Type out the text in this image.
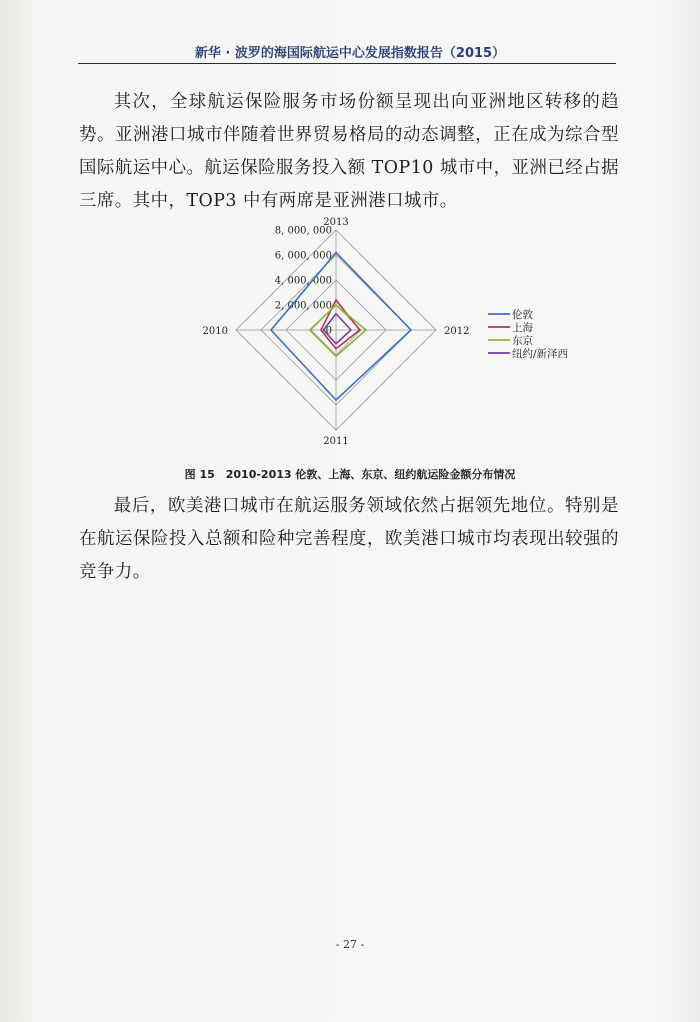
新华 · 波罗的海国际航运中心发展指数报告（2015）

其次，全球航运保险服务市场份额呈现出向亚洲地区转移的趋势。亚洲港口城市伴随着世界贸易格局的动态调整，正在成为综合型国际航运中心。航运保险服务投入额 TOP10 城市中，亚洲已经占据三席。其中，TOP3 中有两席是亚洲港口城市。

0
2, 000, 000
4, 000, 000
6, 000, 000
8, 000, 000
2013
2012
2011
2010
伦敦
上海
东京
纽约/新泽西
图 15　2010-2013 伦敦、上海、东京、纽约航运险金额分布情况

最后，欧美港口城市在航运服务领域依然占据领先地位。特别是在航运保险投入总额和险种完善程度，欧美港口城市均表现出较强的竞争力。

- 27 -
